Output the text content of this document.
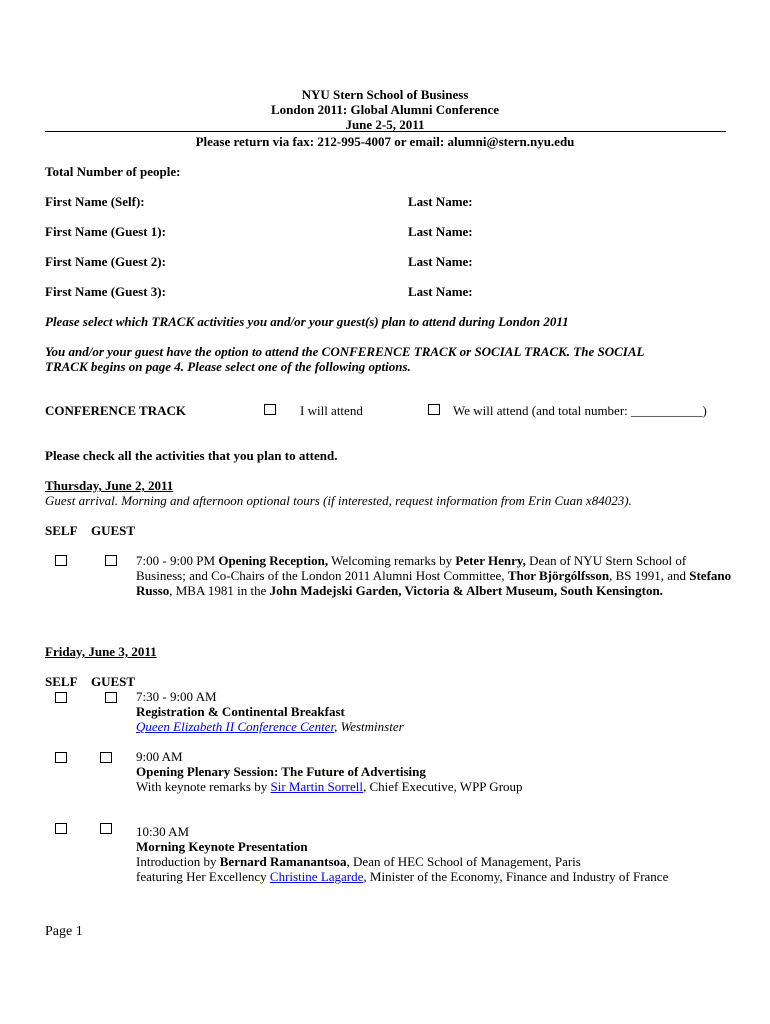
NYU Stern School of Business
London 2011: Global Alumni Conference
June 2-5, 2011
Please return via fax: 212-995-4007 or email: alumni@stern.nyu.edu
Total Number of people:
First Name (Self):	Last Name:
First Name (Guest 1):	Last Name:
First Name (Guest 2):	Last Name:
First Name (Guest 3):	Last Name:
Please select which TRACK activities you and/or your guest(s) plan to attend during London 2011
You and/or your guest have the option to attend the CONFERENCE TRACK or SOCIAL TRACK. The SOCIAL
TRACK begins on page 4. Please select one of the following options.
CONFERENCE TRACK	I will attend	We will attend (and total number: ___________)
Please check all the activities that you plan to attend.
Thursday, June 2, 2011
Guest arrival. Morning and afternoon optional tours (if interested, request information from Erin Cuan x84023).
SELF GUEST
7:00 - 9:00 PM Opening Reception, Welcoming remarks by Peter Henry, Dean of NYU Stern School of Business; and Co-Chairs of the London 2011 Alumni Host Committee, Thor Björgólfsson, BS 1991, and Stefano Russo, MBA 1981 in the John Madejski Garden, Victoria & Albert Museum, South Kensington.
Friday, June 3, 2011
SELF GUEST
7:30 - 9:00 AM
Registration & Continental Breakfast
Queen Elizabeth II Conference Center, Westminster
9:00 AM
Opening Plenary Session: The Future of Advertising
With keynote remarks by Sir Martin Sorrell, Chief Executive, WPP Group
10:30 AM
Morning Keynote Presentation
Introduction by Bernard Ramanantsoa, Dean of HEC School of Management, Paris
featuring Her Excellency Christine Lagarde, Minister of the Economy, Finance and Industry of France
Page 1
